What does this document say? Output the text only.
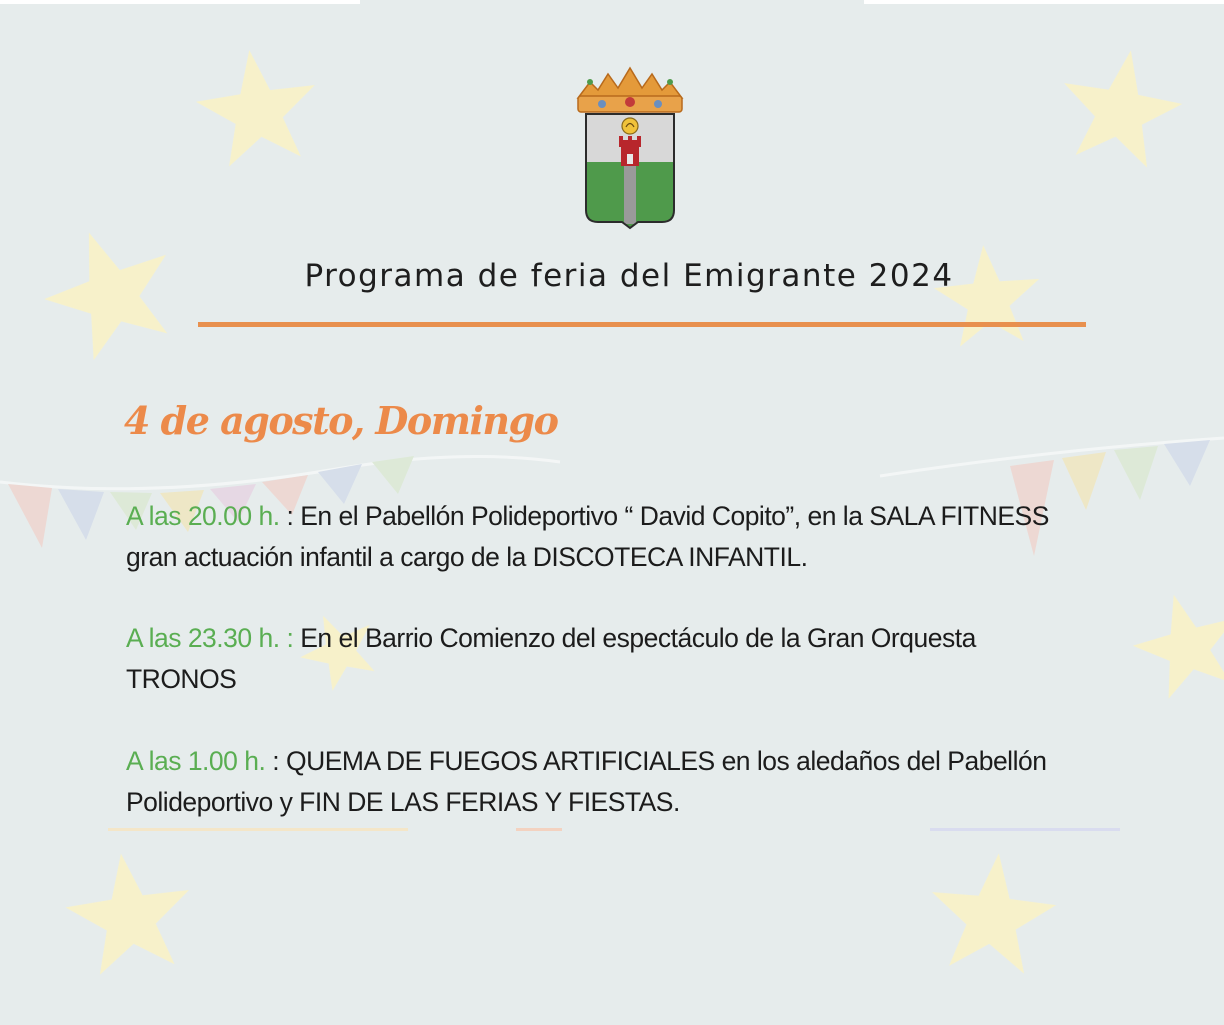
Programa de feria del Emigrante 2024
4 de agosto, Domingo

A las 20.00 h. : En el Pabellón Polideportivo “ David Copito”, en la SALA FITNESS
gran actuación infantil a cargo de la DISCOTECA INFANTIL.

A las 23.30 h. : En el Barrio Comienzo del espectáculo de la Gran Orquesta
TRONOS

A las 1.00 h. : QUEMA DE FUEGOS ARTIFICIALES en los aledaños del Pabellón
Polideportivo y FIN DE LAS FERIAS Y FIESTAS.
